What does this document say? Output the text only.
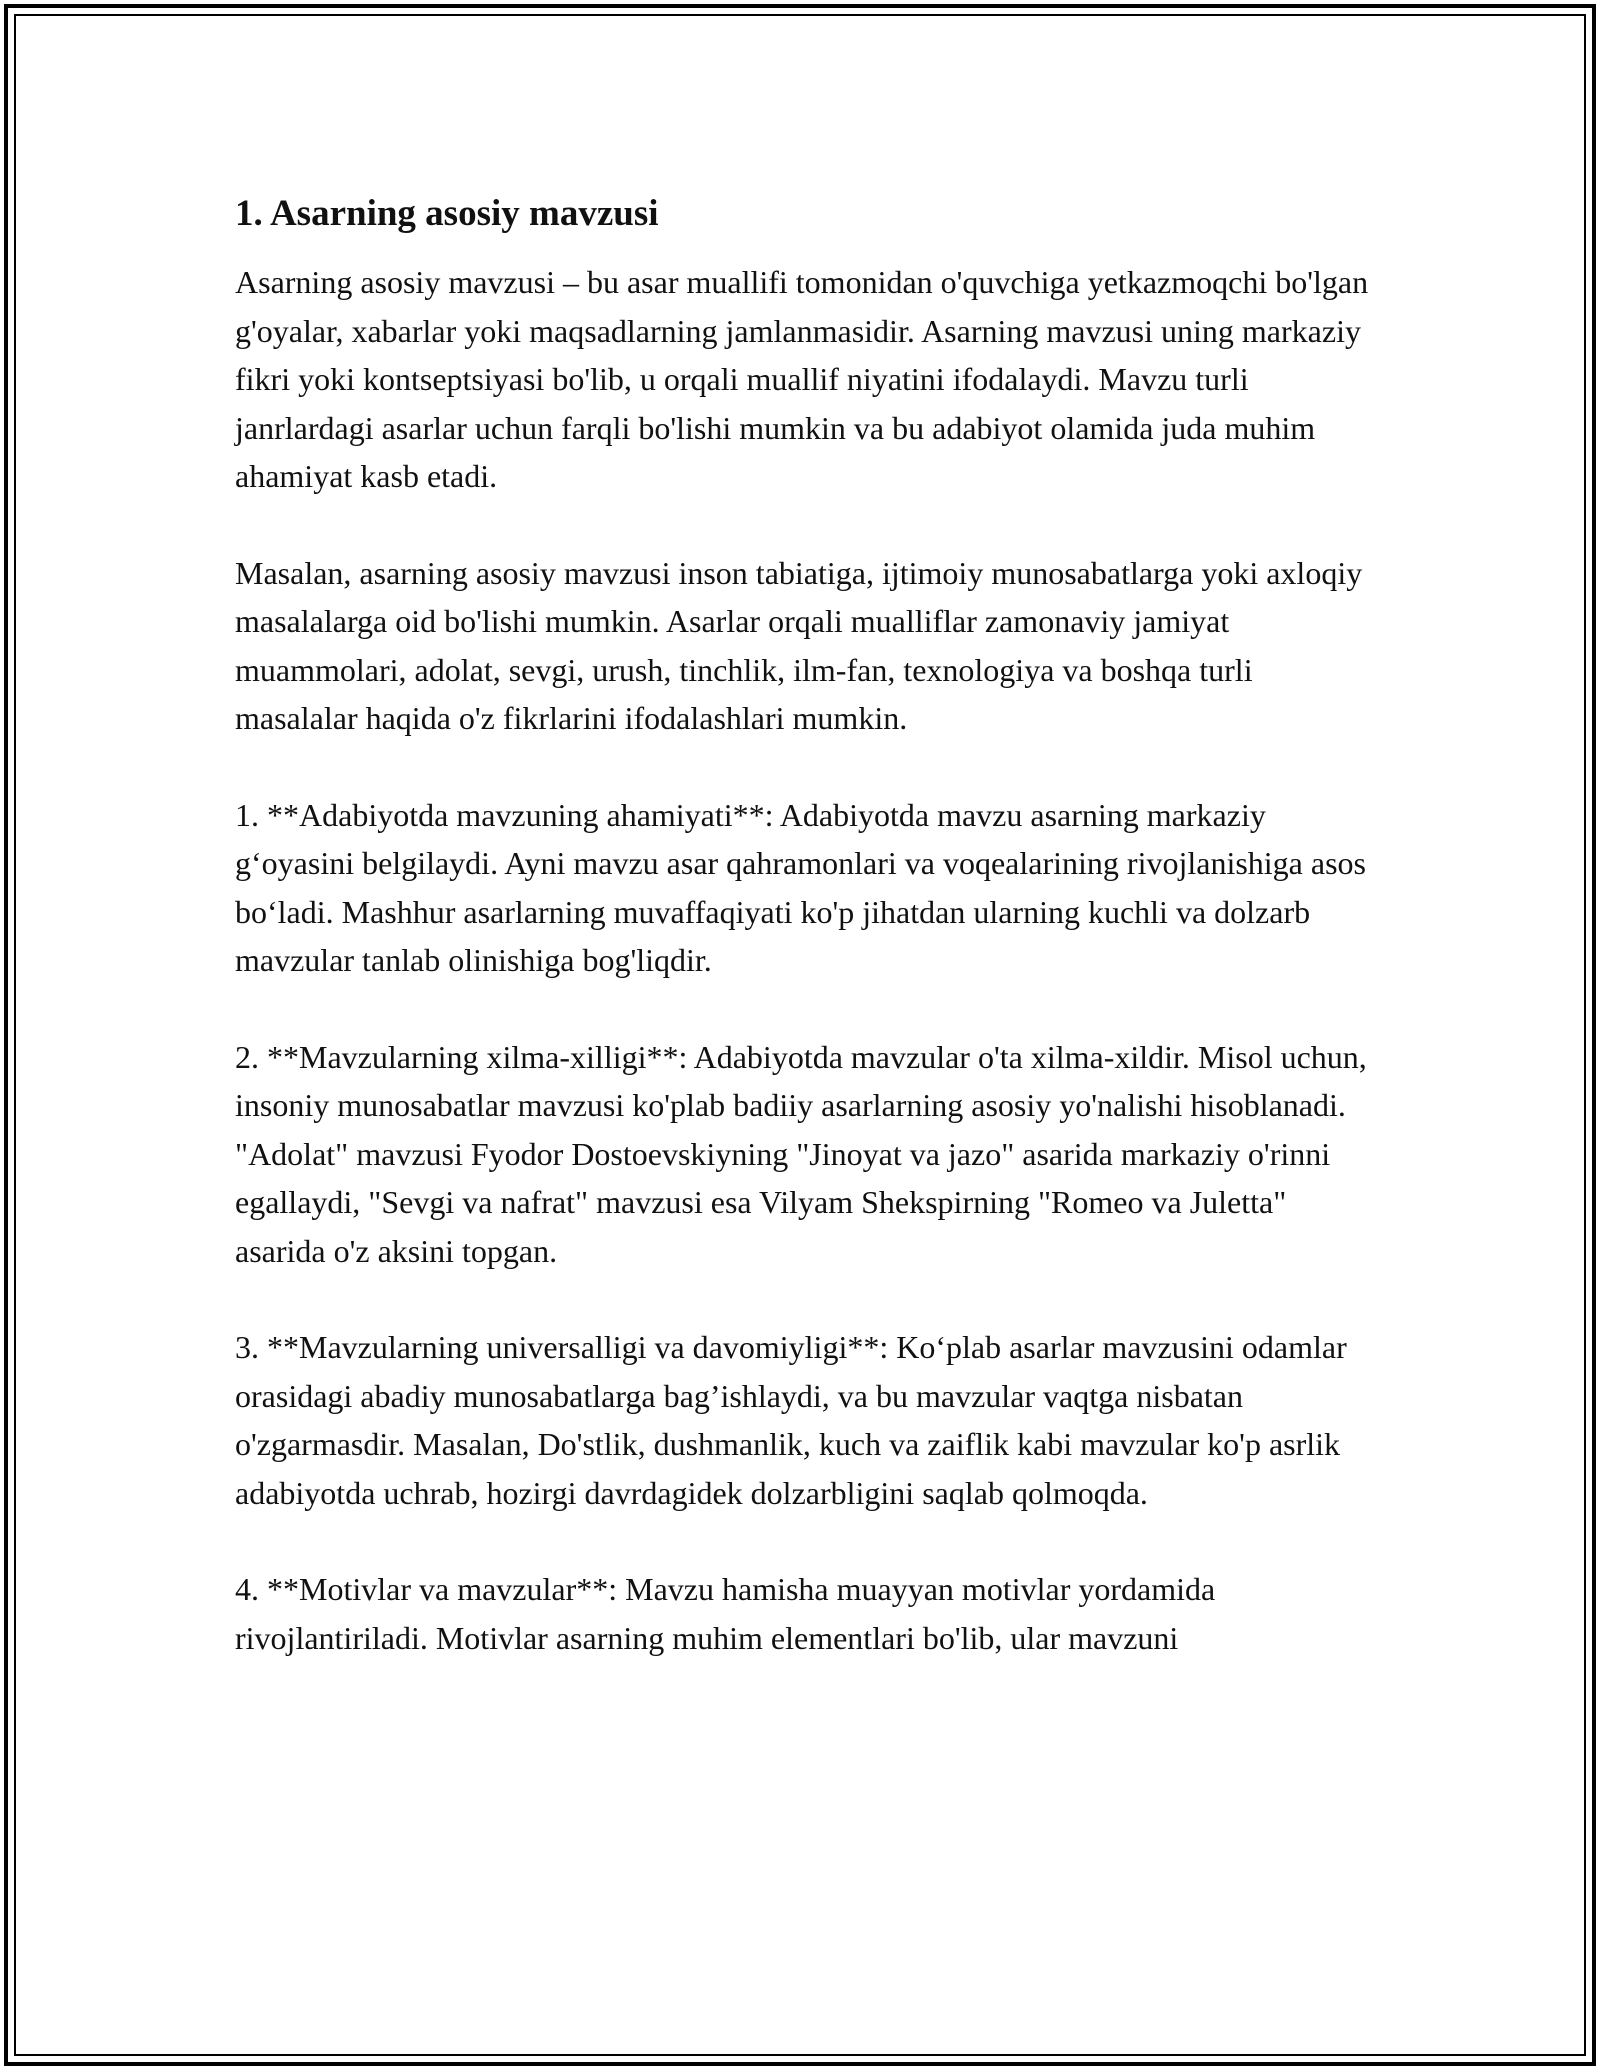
1. Asarning asosiy mavzusi

Asarning asosiy mavzusi – bu asar muallifi tomonidan o'quvchiga yetkazmoqchi bo'lgan g'oyalar, xabarlar yoki maqsadlarning jamlanmasidir. Asarning mavzusi uning markaziy fikri yoki kontseptsiyasi bo'lib, u orqali muallif niyatini ifodalaydi. Mavzu turli janrlardagi asarlar uchun farqli bo'lishi mumkin va bu adabiyot olamida juda muhim ahamiyat kasb etadi.

Masalan, asarning asosiy mavzusi inson tabiatiga, ijtimoiy munosabatlarga yoki axloqiy masalalarga oid bo'lishi mumkin. Asarlar orqali mualliflar zamonaviy jamiyat muammolari, adolat, sevgi, urush, tinchlik, ilm-fan, texnologiya va boshqa turli masalalar haqida o'z fikrlarini ifodalashlari mumkin.

1. **Adabiyotda mavzuning ahamiyati**: Adabiyotda mavzu asarning markaziy g‘oyasini belgilaydi. Ayni mavzu asar qahramonlari va voqealarining rivojlanishiga asos bo‘ladi. Mashhur asarlarning muvaffaqiyati ko'p jihatdan ularning kuchli va dolzarb mavzular tanlab olinishiga bog'liqdir.

2. **Mavzularning xilma-xilligi**: Adabiyotda mavzular o'ta xilma-xildir. Misol uchun, insoniy munosabatlar mavzusi ko'plab badiiy asarlarning asosiy yo'nalishi hisoblanadi. "Adolat" mavzusi Fyodor Dostoevskiyning "Jinoyat va jazo" asarida markaziy o'rinni egallaydi, "Sevgi va nafrat" mavzusi esa Vilyam Shekspirning "Romeo va Juletta" asarida o'z aksini topgan.

3. **Mavzularning universalligi va davomiyligi**: Ko‘plab asarlar mavzusini odamlar orasidagi abadiy munosabatlarga bag’ishlaydi, va bu mavzular vaqtga nisbatan o'zgarmasdir. Masalan, Do'stlik, dushmanlik, kuch va zaiflik kabi mavzular ko'p asrlik adabiyotda uchrab, hozirgi davrdagidek dolzarbligini saqlab qolmoqda.

4. **Motivlar va mavzular**: Mavzu hamisha muayyan motivlar yordamida rivojlantiriladi. Motivlar asarning muhim elementlari bo'lib, ular mavzuni
